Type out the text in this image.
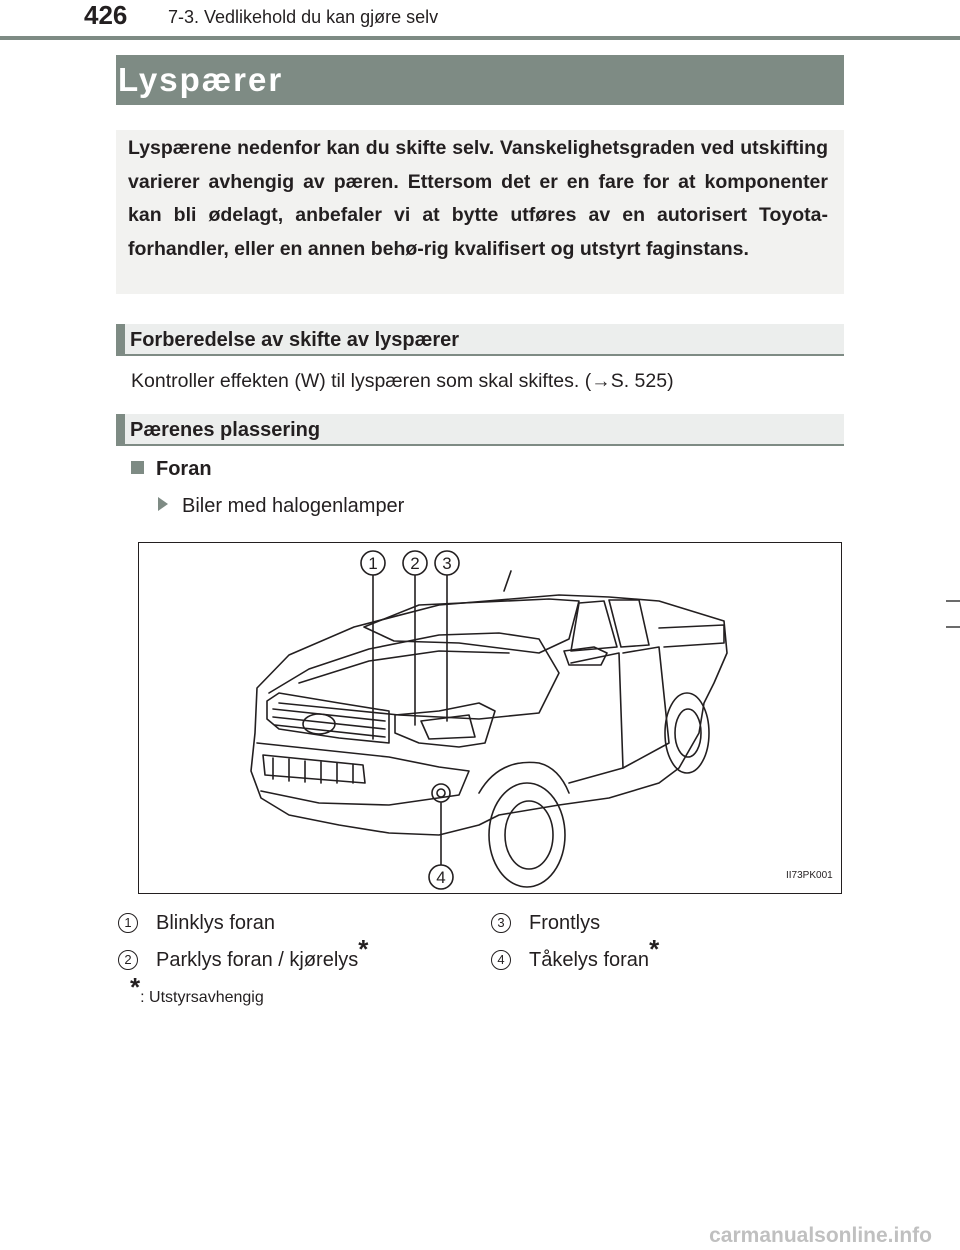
426 7-3. Vedlikehold du kan gjøre selv
Lyspærer
Lyspærene nedenfor kan du skifte selv. Vanskelighetsgraden ved utskifting varierer avhengig av pæren. Ettersom det er en fare for at komponenter kan bli ødelagt, anbefaler vi at bytte utføres av en autorisert Toyota-forhandler, eller en annen behø-rig kvalifisert og utstyrt faginstans.
Forberedelse av skifte av lyspærer
Kontroller effekten (W) til lyspæren som skal skiftes. (→S. 525)
Pærenes plassering
Foran
Biler med halogenlamper
1 2 3
4	II73PK001
1 Blinklys foran	3 Frontlys
2 Parklys foran / kjørelys*	4 Tåkelys foran*
*: Utstyrsavhengig
carmanualsonline.info
